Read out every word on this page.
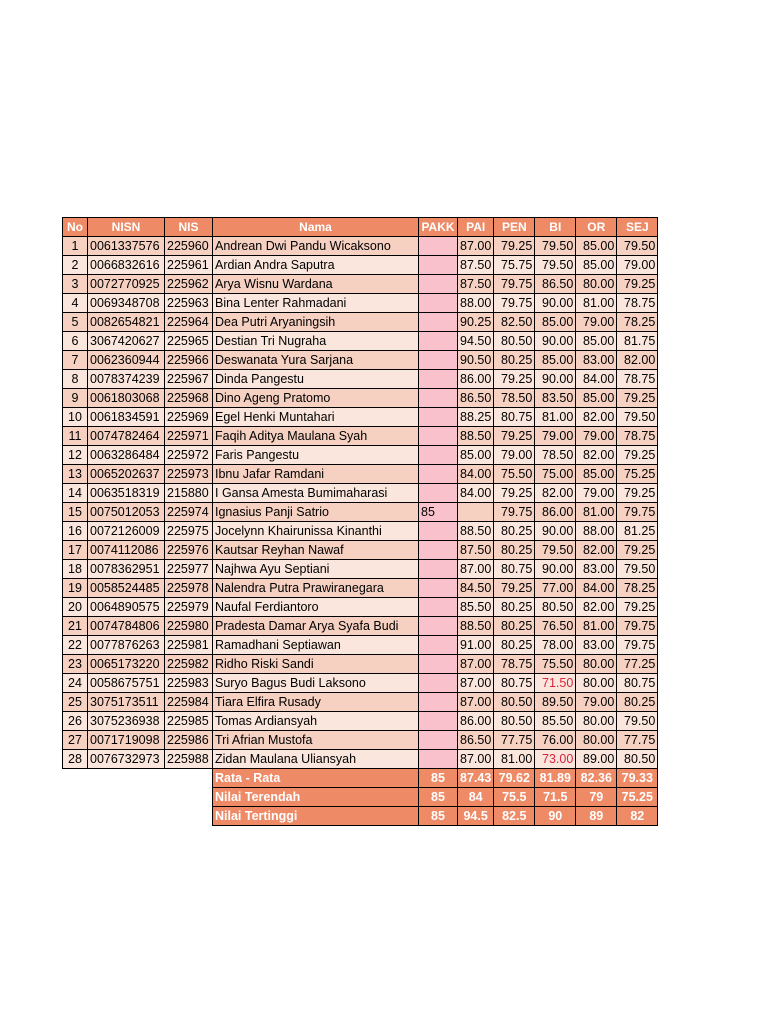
No	NISN	NIS	Nama	PAKK	PAI	PEN	BI	OR	SEJ
1	0061337576	225960	Andrean Dwi Pandu Wicaksono		87.00	79.25	79.50	85.00	79.50
2	0066832616	225961	Ardian Andra Saputra		87.50	75.75	79.50	85.00	79.00
3	0072770925	225962	Arya Wisnu Wardana		87.50	79.75	86.50	80.00	79.25
4	0069348708	225963	Bina Lenter Rahmadani		88.00	79.75	90.00	81.00	78.75
5	0082654821	225964	Dea Putri Aryaningsih		90.25	82.50	85.00	79.00	78.25
6	3067420627	225965	Destian Tri Nugraha		94.50	80.50	90.00	85.00	81.75
7	0062360944	225966	Deswanata Yura Sarjana		90.50	80.25	85.00	83.00	82.00
8	0078374239	225967	Dinda Pangestu		86.00	79.25	90.00	84.00	78.75
9	0061803068	225968	Dino Ageng Pratomo		86.50	78.50	83.50	85.00	79.25
10	0061834591	225969	Egel Henki Muntahari		88.25	80.75	81.00	82.00	79.50
11	0074782464	225971	Faqih Aditya Maulana Syah		88.50	79.25	79.00	79.00	78.75
12	0063286484	225972	Faris Pangestu		85.00	79.00	78.50	82.00	79.25
13	0065202637	225973	Ibnu Jafar Ramdani		84.00	75.50	75.00	85.00	75.25
14	0063518319	215880	I Gansa Amesta Bumimaharasi		84.00	79.25	82.00	79.00	79.25
15	0075012053	225974	Ignasius Panji Satrio	85		79.75	86.00	81.00	79.75
16	0072126009	225975	Jocelynn Khairunissa Kinanthi		88.50	80.25	90.00	88.00	81.25
17	0074112086	225976	Kautsar Reyhan Nawaf		87.50	80.25	79.50	82.00	79.25
18	0078362951	225977	Najhwa Ayu Septiani		87.00	80.75	90.00	83.00	79.50
19	0058524485	225978	Nalendra Putra Prawiranegara		84.50	79.25	77.00	84.00	78.25
20	0064890575	225979	Naufal Ferdiantoro		85.50	80.25	80.50	82.00	79.25
21	0074784806	225980	Pradesta Damar Arya Syafa Budi		88.50	80.25	76.50	81.00	79.75
22	0077876263	225981	Ramadhani Septiawan		91.00	80.25	78.00	83.00	79.75
23	0065173220	225982	Ridho Riski Sandi		87.00	78.75	75.50	80.00	77.25
24	0058675751	225983	Suryo Bagus Budi Laksono		87.00	80.75	71.50	80.00	80.75
25	3075173511	225984	Tiara Elfira Rusady		87.00	80.50	89.50	79.00	80.25
26	3075236938	225985	Tomas Ardiansyah		86.00	80.50	85.50	80.00	79.50
27	0071719098	225986	Tri Afrian Mustofa		86.50	77.75	76.00	80.00	77.75
28	0076732973	225988	Zidan Maulana Uliansyah		87.00	81.00	73.00	89.00	80.50
			Rata - Rata	85	87.43	79.62	81.89	82.36	79.33
			Nilai Terendah	85	84	75.5	71.5	79	75.25
			Nilai Tertinggi	85	94.5	82.5	90	89	82
